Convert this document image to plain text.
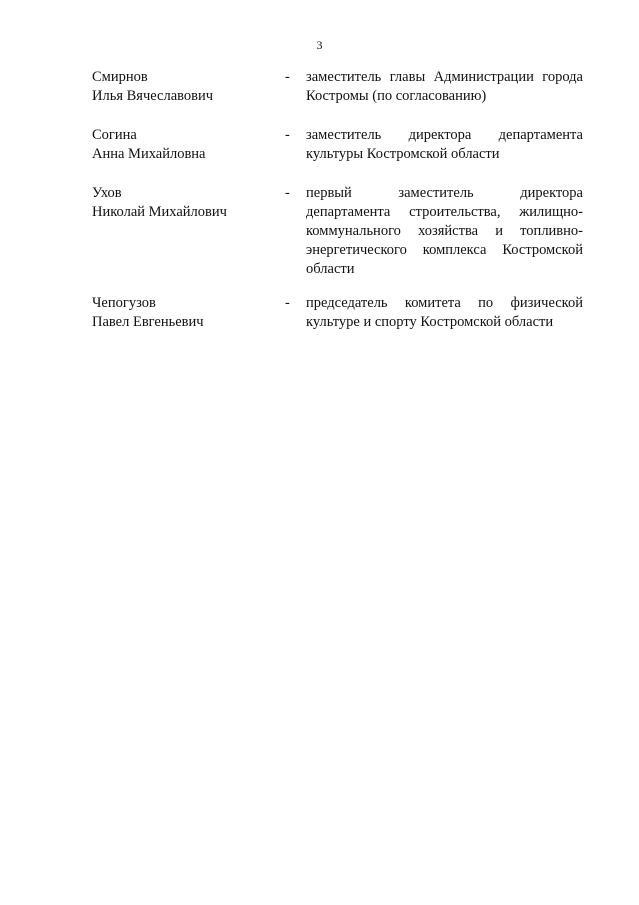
3
Смирнов
Илья Вячеславович
- заместитель главы Администрации города Костромы (по согласованию)
Согина
Анна Михайловна
- заместитель директора департамента культуры Костромской области
Ухов
Николай Михайлович
- первый заместитель директора департамента строительства, жилищно-коммунального хозяйства и топливно-энергетического комплекса Костромской области
Чепогузов
Павел Евгеньевич
- председатель комитета по физической культуре и спорту Костромской области
